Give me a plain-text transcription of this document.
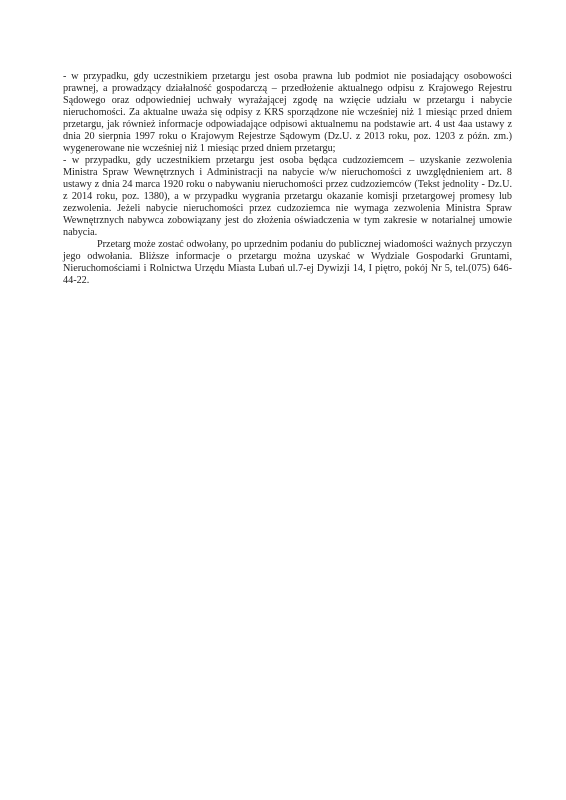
- w przypadku, gdy uczestnikiem przetargu jest osoba prawna lub podmiot nie posiadający osobowości prawnej, a prowadzący działalność gospodarczą – przedłożenie aktualnego odpisu z Krajowego Rejestru Sądowego oraz odpowiedniej uchwały wyrażającej zgodę na wzięcie udziału w przetargu i nabycie nieruchomości. Za aktualne uważa się odpisy z KRS sporządzone nie wcześniej niż 1 miesiąc przed dniem przetargu, jak również informacje odpowiadające odpisowi aktualnemu na podstawie art. 4 ust 4aa ustawy z dnia 20 sierpnia 1997 roku o Krajowym Rejestrze Sądowym (Dz.U. z 2013 roku, poz. 1203 z późn. zm.) wygenerowane nie wcześniej niż 1 miesiąc przed dniem przetargu;

- w przypadku, gdy uczestnikiem przetargu jest osoba będąca cudzoziemcem – uzyskanie zezwolenia Ministra Spraw Wewnętrznych i Administracji na nabycie w/w nieruchomości z uwzględnieniem art. 8 ustawy z dnia 24 marca 1920 roku o nabywaniu nieruchomości przez cudzoziemców (Tekst jednolity - Dz.U. z 2014 roku, poz. 1380), a w przypadku wygrania przetargu okazanie komisji przetargowej promesy lub zezwolenia. Jeżeli nabycie nieruchomości przez cudzoziemca nie wymaga zezwolenia Ministra Spraw Wewnętrznych nabywca zobowiązany jest do złożenia oświadczenia w tym zakresie w notarialnej umowie nabycia.

Przetarg może zostać odwołany, po uprzednim podaniu do publicznej wiadomości ważnych przyczyn jego odwołania. Bliższe informacje o przetargu można uzyskać w Wydziale Gospodarki Gruntami, Nieruchomościami i Rolnictwa Urzędu Miasta Lubań ul.7-ej Dywizji 14, I piętro, pokój Nr 5, tel.(075) 646-44-22.
